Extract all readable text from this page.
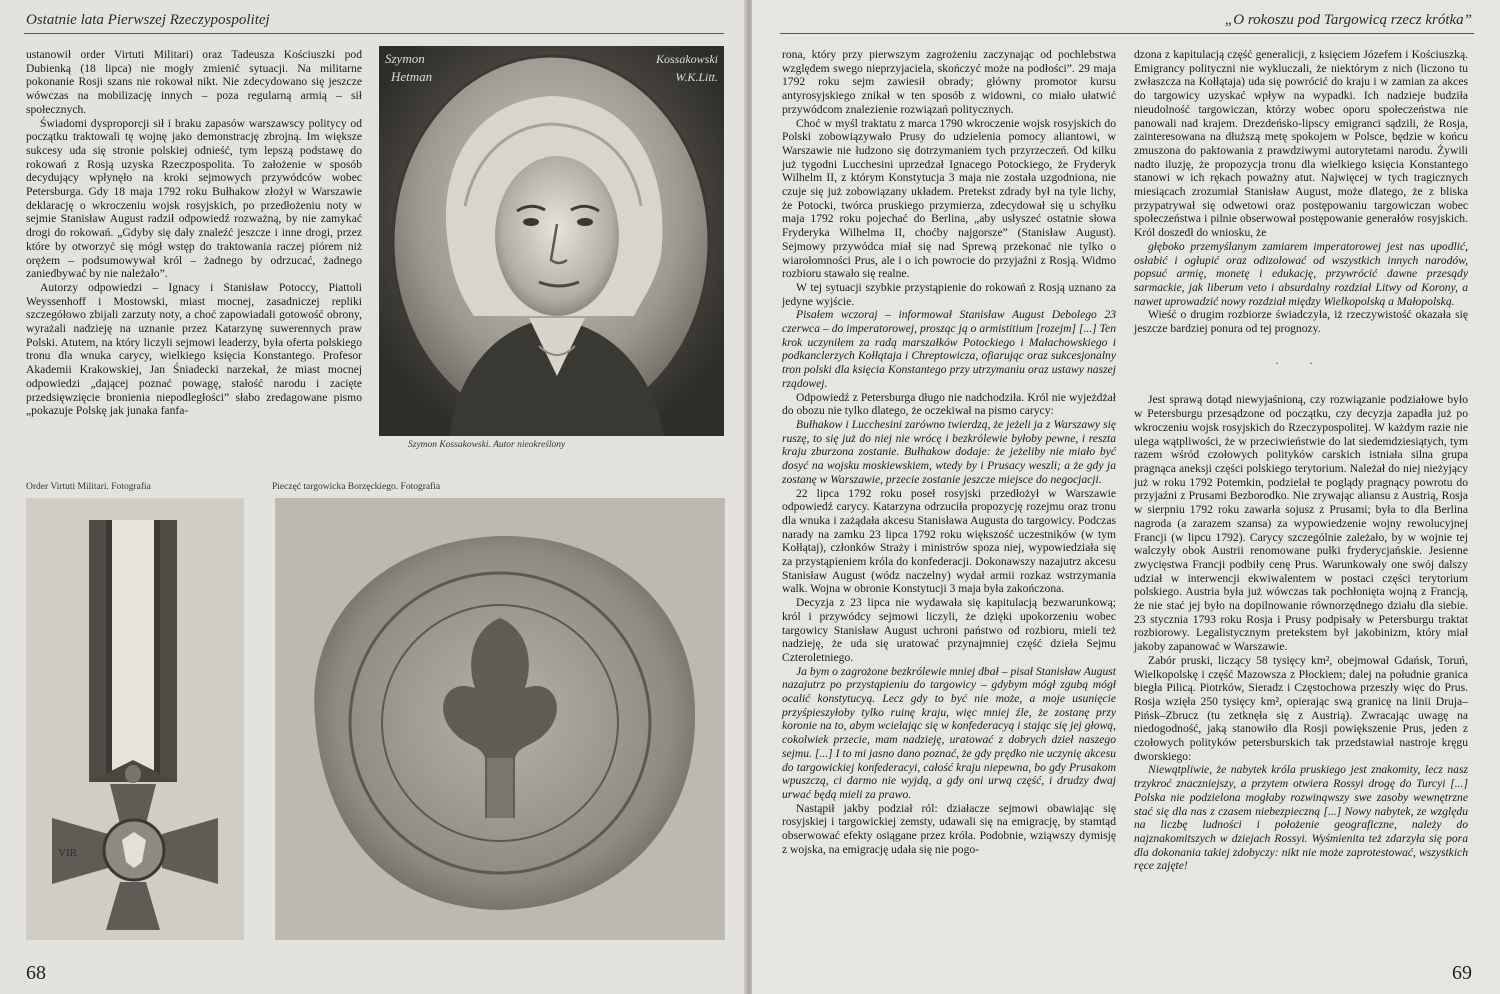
Ostatnie lata Pierwszej Rzeczypospolitej

ustanowił order Virtuti Militari) oraz Tadeusza Kościuszki pod Dubienką (18 lipca) nie mogły zmienić sytuacji. Na militarne pokonanie Rosji szans nie rokował nikt. Nie zdecydowano się jeszcze wówczas na mobilizację innych – poza regularną armią – sił społecznych.

Świadomi dysproporcji sił i braku zapasów warszawscy politycy od początku traktowali tę wojnę jako demonstrację zbrojną. Im większe sukcesy uda się stronie polskiej odnieść, tym lepszą podstawę do rokowań z Rosją uzyska Rzeczpospolita. To założenie w sposób decydujący wpłynęło na kroki sejmowych przywódców wobec Petersburga. Gdy 18 maja 1792 roku Bułhakow złożył w Warszawie deklarację o wkroczeniu wojsk rosyjskich, po przedłożeniu noty w sejmie Stanisław August radził odpowiedź rozważną, by nie zamykać drogi do rokowań. „Gdyby się dały znaleźć jeszcze i inne drogi, przez które by otworzyć się mógł wstęp do traktowania raczej piórem niż orężem – podsumowywał król – żadnego by odrzucać, żadnego zaniedbywać by nie należało”.

Autorzy odpowiedzi – Ignacy i Stanisław Potoccy, Piattoli Weyssenhoff i Mostowski, miast mocnej, zasadniczej repliki szczegółowo zbijali zarzuty noty, a choć zapowiadali gotowość obrony, wyrażali nadzieję na uznanie przez Katarzynę suwerennych praw Polski. Atutem, na który liczyli sejmowi leaderzy, była oferta polskiego tronu dla wnuka carycy, wielkiego księcia Konstantego. Profesor Akademii Krakowskiej, Jan Śniadecki narzekał, że miast mocnej odpowiedzi „dającej poznać powagę, stałość narodu i zacięte przedsięwzięcie bronienia niepodległości” słabo zredagowane pismo „pokazuje Polskę jak junaka fanfa-

Szymon
Hetman
Kossakowski
W.K.Litt.
Szymon Kossakowski. Autor nieokreślony
Order Virtuti Militari. Fotografia	Pieczęć targowicka Borzęckiego. Fotografia
VIR
68
„O rokoszu pod Targowicą rzecz krótka”

rona, który przy pierwszym zagrożeniu zaczynając od pochlebstwa względem swego nieprzyjaciela, skończyć może na podłości”. 29 maja 1792 roku sejm zawiesił obrady; główny promotor kursu antyrosyjskiego znikał w ten sposób z widowni, co miało ułatwić przywódcom znalezienie rozwiązań politycznych.

Choć w myśl traktatu z marca 1790 wkroczenie wojsk rosyjskich do Polski zobowiązywało Prusy do udzielenia pomocy aliantowi, w Warszawie nie łudzono się dotrzymaniem tych przyrzeczeń. Od kilku już tygodni Lucchesini uprzedzał Ignacego Potockiego, że Fryderyk Wilhelm II, z którym Konstytucja 3 maja nie została uzgodniona, nie czuje się już zobowiązany układem. Pretekst zdrady był na tyle lichy, że Potocki, twórca pruskiego przymierza, zdecydował się u schyłku maja 1792 roku pojechać do Berlina, „aby usłyszeć ostatnie słowa Fryderyka Wilhelma II, choćby najgorsze” (Stanisław August). Sejmowy przywódca miał się nad Sprewą przekonać nie tylko o wiarołomności Prus, ale i o ich powrocie do przyjaźni z Rosją. Widmo rozbioru stawało się realne.

W tej sytuacji szybkie przystąpienie do rokowań z Rosją uznano za jedyne wyjście.

Pisałem wczoraj – informował Stanisław August Debolego 23 czerwca – do imperatorowej, prosząc ją o armistitium [rozejm] [...] Ten krok uczyniłem za radą marszałków Potockiego i Małachowskiego i podkanclerzych Kołłątaja i Chreptowicza, ofiarując oraz sukcesjonalny tron polski dla księcia Konstantego przy utrzymaniu oraz ustawy naszej rządowej.

Odpowiedź z Petersburga długo nie nadchodziła. Król nie wyjeżdżał do obozu nie tylko dlatego, że oczekiwał na pismo carycy:

Bułhakow i Lucchesini zarówno twierdzą, że jeżeli ja z Warszawy się ruszę, to się już do niej nie wrócę i bezkrólewie byłoby pewne, i reszta kraju zburzona zostanie. Bułhakow dodaje: że jeżeliby nie miało być dosyć na wojsku moskiewskiem, wtedy by i Prusacy weszli; a że gdy ja zostanę w Warszawie, przecie zostanie jeszcze miejsce do negocjacji.

22 lipca 1792 roku poseł rosyjski przedłożył w Warszawie odpowiedź carycy. Katarzyna odrzuciła propozycję rozejmu oraz tronu dla wnuka i zażądała akcesu Stanisława Augusta do targowicy. Podczas narady na zamku 23 lipca 1792 roku większość uczestników (w tym Kołłątaj), członków Straży i ministrów spoza niej, wypowiedziała się za przystąpieniem króla do konfederacji. Dokonawszy nazajutrz akcesu Stanisław August (wódz naczelny) wydał armii rozkaz wstrzymania walk. Wojna w obronie Konstytucji 3 maja była zakończona.

Decyzja z 23 lipca nie wydawała się kapitulacją bezwarunkową; król i przywódcy sejmowi liczyli, że dzięki upokorzeniu wobec targowicy Stanisław August uchroni państwo od rozbioru, mieli też nadzieję, że uda się uratować przynajmniej część dzieła Sejmu Czteroletniego.

Ja bym o zagrożone bezkrólewie mniej dbał – pisał Stanisław August nazajutrz po przystąpieniu do targowicy – gdybym mógł zgubą mógł ocalić konstytucyą. Lecz gdy to być nie może, a moje usunięcie przyśpieszyłoby tylko ruinę kraju, więc mniej źle, że zostanę przy koronie na to, abym wcielając się w konfederacyą i stając się jej głową, cokolwiek przecie, mam nadzieję, uratować z dobrych dzieł naszego sejmu. [...] I to mi jasno dano poznać, że gdy prędko nie uczynię akcesu do targowickiej konfederacyi, całość kraju niepewna, bo gdy Prusakom wpuszczą, ci darmo nie wyjdą, a gdy oni urwą część, i drudzy dwaj urwać będą mieli za prawo.

Nastąpił jakby podział ról: działacze sejmowi obawiając się rosyjskiej i targowickiej zemsty, udawali się na emigrację, by stamtąd obserwować efekty osiągane przez króla. Podobnie, wziąwszy dymisję z wojska, na emigrację udała się nie pogo-

dzona z kapitulacją część generalicji, z księciem Józefem i Kościuszką. Emigrancy polityczni nie wykluczali, że niektórym z nich (liczono tu zwłaszcza na Kołłątaja) uda się powrócić do kraju i w zamian za akces do targowicy uzyskać wpływ na wypadki. Ich nadzieje budziła nieudolność targowiczan, którzy wobec oporu społeczeństwa nie panowali nad krajem. Drezdeńsko-lipscy emigranci sądzili, że Rosja, zainteresowana na dłuższą metę spokojem w Polsce, będzie w końcu zmuszona do paktowania z prawdziwymi autorytetami narodu. Żywili nadto iluzję, że propozycja tronu dla wielkiego księcia Konstantego stanowi w ich rękach poważny atut. Najwięcej w tych tragicznych miesiącach zrozumiał Stanisław August, może dlatego, że z bliska przypatrywał się odwetowi oraz postępowaniu targowiczan wobec społeczeństwa i pilnie obserwował postępowanie generałów rosyjskich. Król doszedł do wniosku, że

głęboko przemyślanym zamiarem imperatorowej jest nas upodlić, osłabić i ogłupić oraz odizolować od wszystkich innych narodów, popsuć armię, monetę i edukację, przywrócić dawne przesądy sarmackie, jak liberum veto i absurdalny rozdział Litwy od Korony, a nawet uprowadzić nowy rozdział między Wielkopolską a Małopolską.

Wieść o drugim rozbiorze świadczyła, iż rzeczywistość okazała się jeszcze bardziej ponura od tej prognozy.

. .

Jest sprawą dotąd niewyjaśnioną, czy rozwiązanie podziałowe było w Petersburgu przesądzone od początku, czy decyzja zapadła już po wkroczeniu wojsk rosyjskich do Rzeczypospolitej. W każdym razie nie ulega wątpliwości, że w przeciwieństwie do lat siedemdziesiątych, tym razem wśród czołowych polityków carskich istniała silna grupa pragnąca aneksji części polskiego terytorium. Należał do niej nieżyjący już w roku 1792 Potemkin, podzielał te poglądy pragnący powrotu do przyjaźni z Prusami Bezborodko. Nie zrywając aliansu z Austrią, Rosja w sierpniu 1792 roku zawarła sojusz z Prusami; była to dla Berlina nagroda (a zarazem szansa) za wypowiedzenie wojny rewolucyjnej Francji (w lipcu 1792). Carycy szczególnie zależało, by w wojnie tej walczyły obok Austrii renomowane pułki fryderycjańskie. Jesienne zwycięstwa Francji podbiły cenę Prus. Warunkowały one swój dalszy udział w interwencji ekwiwalentem w postaci części terytorium polskiego. Austria była już wówczas tak pochłonięta wojną z Francją, że nie stać jej było na dopilnowanie równorzędnego działu dla siebie. 23 stycznia 1793 roku Rosja i Prusy podpisały w Petersburgu traktat rozbiorowy. Legalistycznym pretekstem był jakobinizm, który miał jakoby zapanować w Warszawie.

Zabór pruski, liczący 58 tysięcy km², obejmował Gdańsk, Toruń, Wielkopolskę i część Mazowsza z Płockiem; dalej na południe granica biegła Pilicą. Piotrków, Sieradz i Częstochowa przeszły więc do Prus. Rosja wzięła 250 tysięcy km², opierając swą granicę na linii Druja–Pińsk–Zbrucz (tu zetknęła się z Austrią). Zwracając uwagę na niedogodność, jaką stanowiło dla Rosji powiększenie Prus, jeden z czołowych polityków petersburskich tak przedstawiał nastroje kręgu dworskiego:

Niewątpliwie, że nabytek króla pruskiego jest znakomity, lecz nasz trzykroć znaczniejszy, a przytem otwiera Rossyi drogę do Turcyi [...] Polska nie podzielona mogłaby rozwinąwszy swe zasoby wewnętrzne stać się dla nas z czasem niebezpieczną [...] Nowy nabytek, ze względu na liczbę ludności i położenie geograficzne, należy do najznakomitszych w dziejach Rossyi. Wyśmienita też zdarzyła się pora dla dokonania takiej zdobyczy: nikt nie może zaprotestować, wszystkich ręce zajęte!

69
